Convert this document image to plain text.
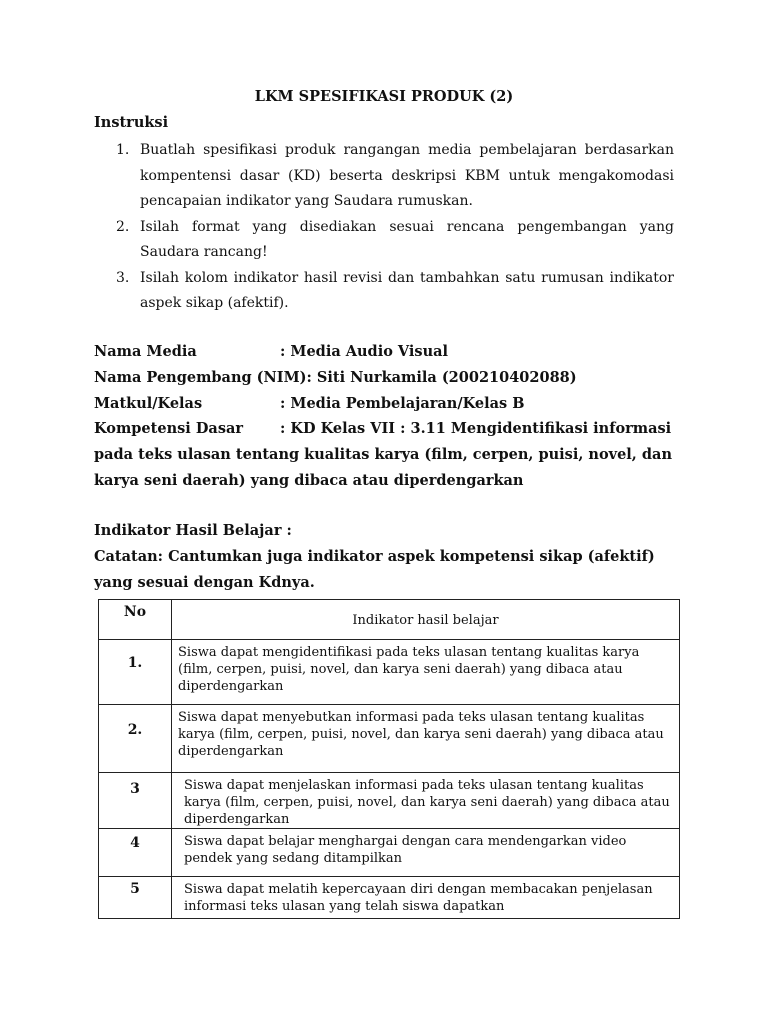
LKM SPESIFIKASI PRODUK (2)
Instruksi
1. Buatlah spesifikasi produk rangangan media pembelajaran berdasarkan kompentensi dasar (KD) beserta deskripsi KBM untuk mengakomodasi pencapaian indikator yang Saudara rumuskan.
2. Isilah format yang disediakan sesuai rencana pengembangan yang Saudara rancang!
3. Isilah kolom indikator hasil revisi dan tambahkan satu rumusan indikator aspek sikap (afektif).
Nama Media	: Media Audio Visual
Nama Pengembang (NIM): Siti Nurkamila (200210402088)
Matkul/Kelas	: Media Pembelajaran/Kelas B
Kompetensi Dasar	: KD Kelas VII : 3.11 Mengidentifikasi informasi pada teks ulasan tentang kualitas karya (film, cerpen, puisi, novel, dan karya seni daerah) yang dibaca atau diperdengarkan
Indikator Hasil Belajar :
Catatan: Cantumkan juga indikator aspek kompetensi sikap (afektif) yang sesuai dengan Kdnya.
No	Indikator hasil belajar
1.	Siswa dapat mengidentifikasi pada teks ulasan tentang kualitas karya (film, cerpen, puisi, novel, dan karya seni daerah) yang dibaca atau diperdengarkan
2.	Siswa dapat menyebutkan informasi pada teks ulasan tentang kualitas karya (film, cerpen, puisi, novel, dan karya seni daerah) yang dibaca atau diperdengarkan
3	Siswa dapat menjelaskan informasi pada teks ulasan tentang kualitas karya (film, cerpen, puisi, novel, dan karya seni daerah) yang dibaca atau diperdengarkan
4	Siswa dapat belajar menghargai dengan cara mendengarkan video pendek yang sedang ditampilkan
5	Siswa dapat melatih kepercayaan diri dengan membacakan penjelasan informasi teks ulasan yang telah siswa dapatkan
